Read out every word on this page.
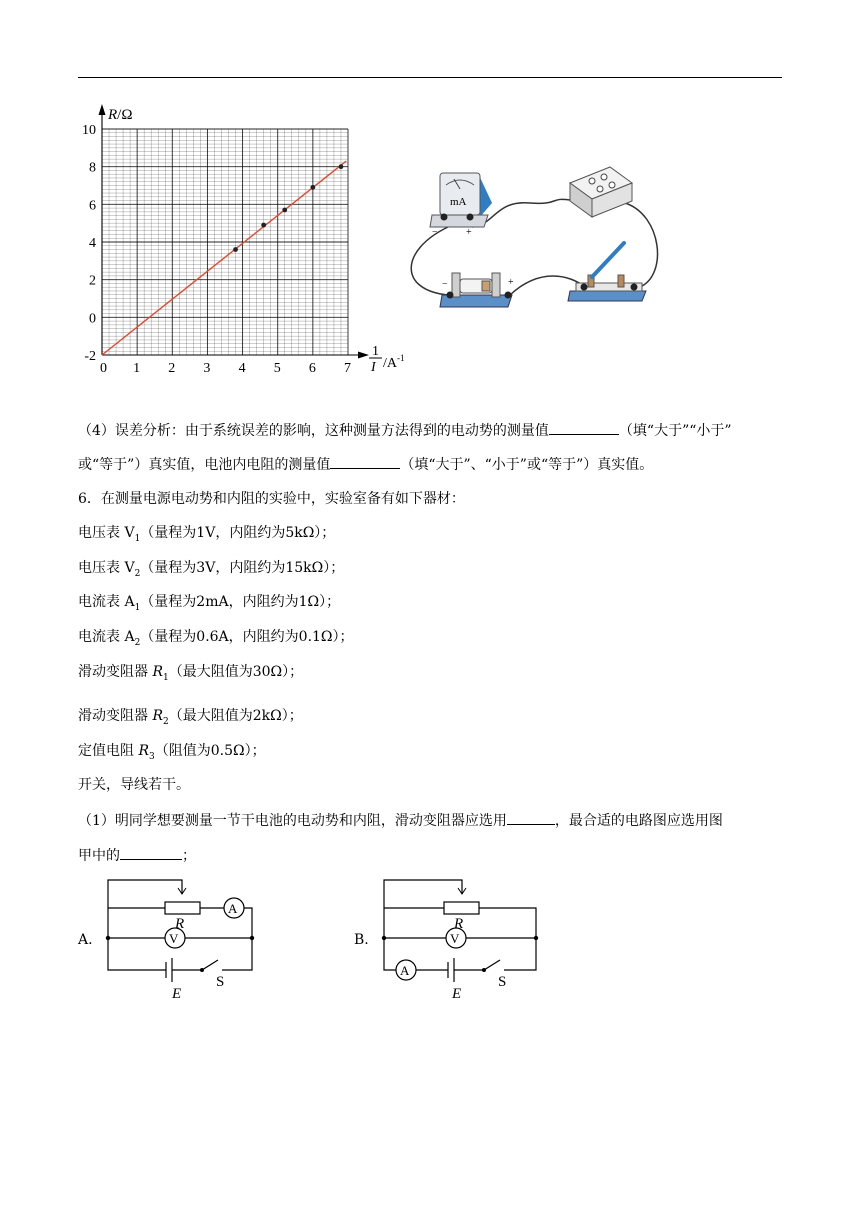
0 1 2 3 4 5 6 7
-2
0
2
4
6
8
10
R/Ω
1
I $/A^{-1}$
mA
−	+
−	+
（4）误差分析：由于系统误差的影响，这种测量方法得到的电动势的测量值	（填“大于”“小于”
或“等于”）真实值，电池内电阻的测量值	（填“大于”、“小于”或“等于”）真实值。
6．在测量电源电动势和内阻的实验中，实验室备有如下器材：
电压表 $V_1$（量程为1V，内阻约为5kΩ）；
电压表 $V_2$（量程为3V，内阻约为15kΩ）；
电流表 $A_1$（量程为2mA，内阻约为1Ω）；
电流表 $A_2$（量程为0.6A，内阻约为0.1Ω）；
滑动变阻器 $R_1$（最大阻值为30Ω）；
滑动变阻器 $R_2$（最大阻值为2kΩ）；
定值电阻 $R_3$（阻值为0.5Ω）；
开关，导线若干。
（1）明同学想要测量一节干电池的电动势和内阻，滑动变阻器应选用	，最合适的电路图应选用图
甲中的	；
A.	B.
R
A
V
E
S
R
A
V
E
S
